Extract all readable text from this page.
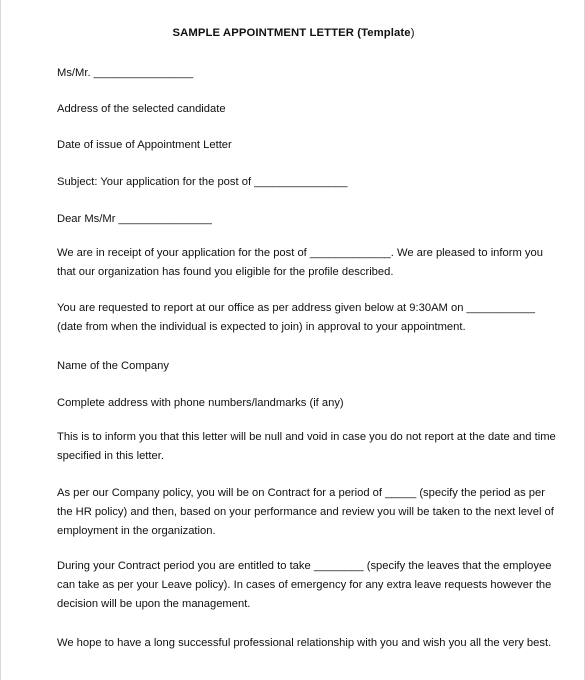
SAMPLE APPOINTMENT LETTER (Template)
Ms/Mr. ________________
Address of the selected candidate
Date of issue of Appointment Letter
Subject: Your application for the post of _______________
Dear Ms/Mr _______________
We are in receipt of your application for the post of _____________. We are pleased to inform you
that our organization has found you eligible for the profile described.
You are requested to report at our office as per address given below at 9:30AM on ___________
(date from when the individual is expected to join) in approval to your appointment.
Name of the Company
Complete address with phone numbers/landmarks (if any)
This is to inform you that this letter will be null and void in case you do not report at the date and time
specified in this letter.
As per our Company policy, you will be on Contract for a period of _____ (specify the period as per
the HR policy) and then, based on your performance and review you will be taken to the next level of
employment in the organization.
During your Contract period you are entitled to take ________ (specify the leaves that the employee
can take as per your Leave policy). In cases of emergency for any extra leave requests however the
decision will be upon the management.
We hope to have a long successful professional relationship with you and wish you all the very best.
